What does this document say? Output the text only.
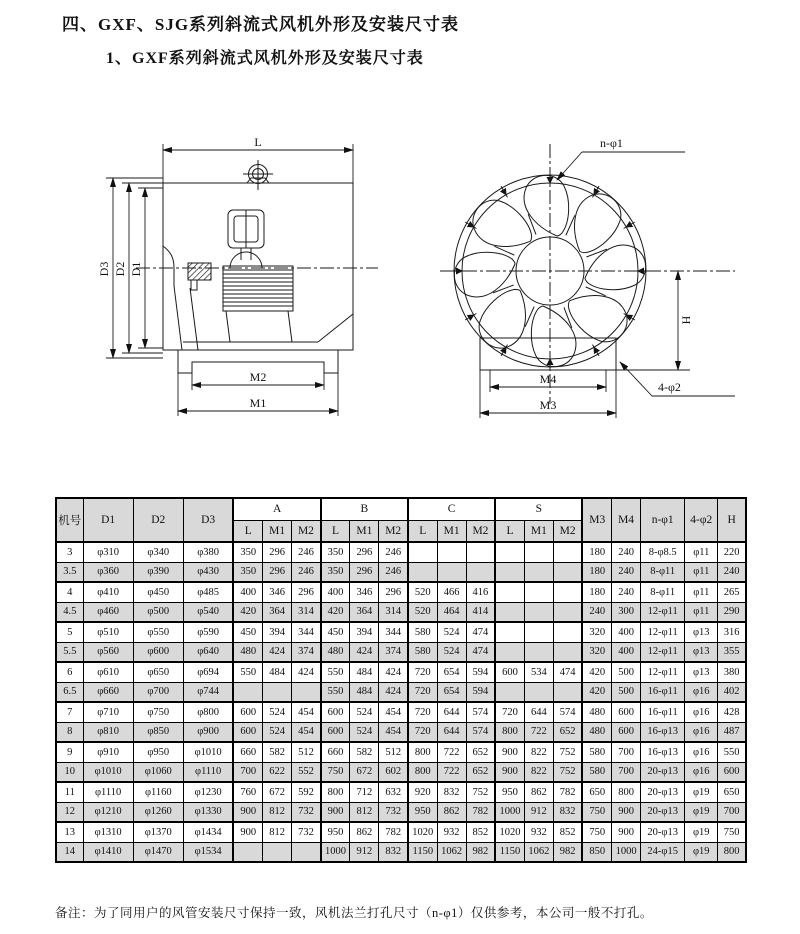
四、GXF、SJG系列斜流式风机外形及安装尺寸表
1、GXF系列斜流式风机外形及安装尺寸表
L
D3 D2 D1
M2
M1
n-φ1
H
M4
M3
4-φ2
机号	D1	D2	D3	A			B			C			S			M3	M4	n-φ1	4-φ2	H
				L	M1	M2	L	M1	M2	L	M1	M2	L	M1	M2					
3	φ310	φ340	φ380	350	296	246	350	296	246							180	240	8-φ8.5	φ11	220
3.5	φ360	φ390	φ430	350	296	246	350	296	246							180	240	8-φ11	φ11	240
4	φ410	φ450	φ485	400	346	296	400	346	296	520	466	416				180	240	8-φ11	φ11	265
4.5	φ460	φ500	φ540	420	364	314	420	364	314	520	464	414				240	300	12-φ11	φ11	290
5	φ510	φ550	φ590	450	394	344	450	394	344	580	524	474				320	400	12-φ11	φ13	316
5.5	φ560	φ600	φ640	480	424	374	480	424	374	580	524	474				320	400	12-φ11	φ13	355
6	φ610	φ650	φ694	550	484	424	550	484	424	720	654	594	600	534	474	420	500	12-φ11	φ13	380
6.5	φ660	φ700	φ744				550	484	424	720	654	594				420	500	16-φ11	φ16	402
7	φ710	φ750	φ800	600	524	454	600	524	454	720	644	574	720	644	574	480	600	16-φ11	φ16	428
8	φ810	φ850	φ900	600	524	454	600	524	454	720	644	574	800	722	652	480	600	16-φ13	φ16	487
9	φ910	φ950	φ1010	660	582	512	660	582	512	800	722	652	900	822	752	580	700	16-φ13	φ16	550
10	φ1010	φ1060	φ1110	700	622	552	750	672	602	800	722	652	900	822	752	580	700	20-φ13	φ16	600
11	φ1110	φ1160	φ1230	760	672	592	800	712	632	920	832	752	950	862	782	650	800	20-φ13	φ19	650
12	φ1210	φ1260	φ1330	900	812	732	900	812	732	950	862	782	1000	912	832	750	900	20-φ13	φ19	700
13	φ1310	φ1370	φ1434	900	812	732	950	862	782	1020	932	852	1020	932	852	750	900	20-φ13	φ19	750
14	φ1410	φ1470	φ1534				1000	912	832	1150	1062	982	1150	1062	982	850	1000	24-φ15	φ19	800
备注：为了同用户的风管安装尺寸保持一致，风机法兰打孔尺寸（n-φ1）仅供参考，本公司一般不打孔。
